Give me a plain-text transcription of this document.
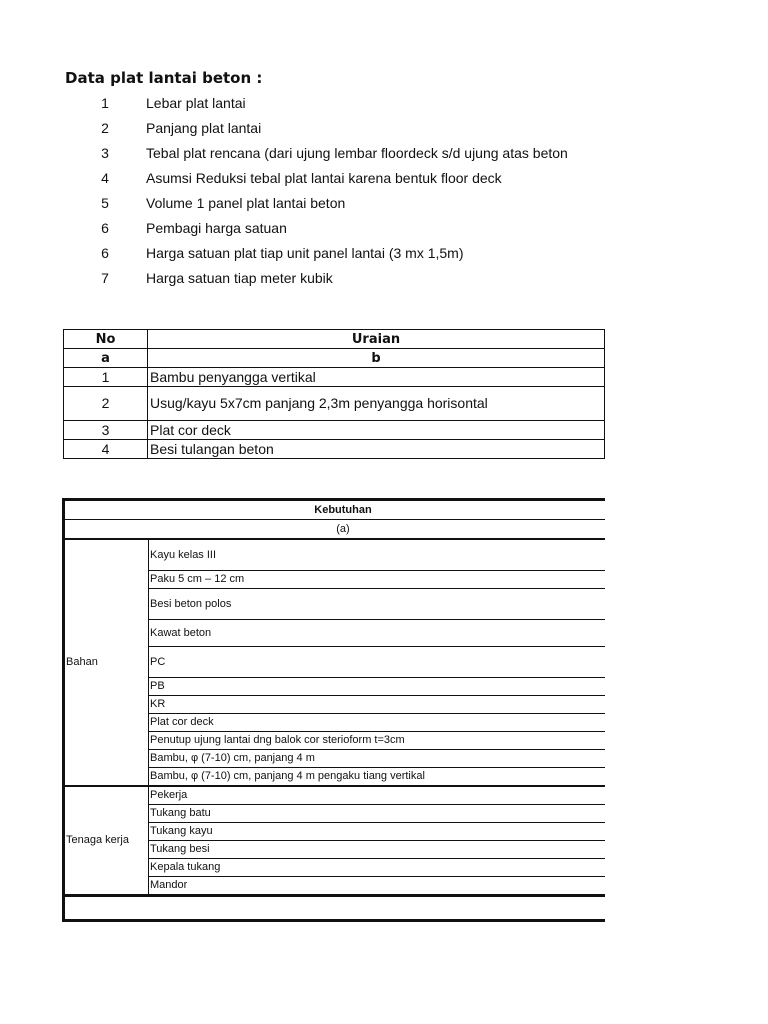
Data plat lantai beton :
1	Lebar plat lantai
2	Panjang plat lantai
3	Tebal plat rencana (dari ujung lembar floordeck s/d ujung atas beton
4	Asumsi Reduksi tebal plat lantai karena bentuk floor deck
5	Volume 1 panel plat lantai beton
6	Pembagi harga satuan
6	Harga satuan plat tiap unit panel lantai (3 mx 1,5m)
7	Harga satuan tiap meter kubik
No	Uraian
a	b
1	Bambu penyangga vertikal
2	Usug/kayu 5x7cm panjang 2,3m penyangga horisontal
3	Plat cor deck
4	Besi tulangan beton
Kebutuhan	
(a)	
Bahan	Kayu kelas III
	Paku 5 cm – 12 cm
	Besi beton polos
	Kawat beton
	PC
	PB
	KR
	Plat cor deck
	Penutup ujung lantai dng balok cor sterioform t=3cm
	Bambu, φ (7-10) cm, panjang 4 m
	Bambu, φ (7-10) cm, panjang 4 m pengaku tiang vertikal
Tenaga kerja	Pekerja
	Tukang batu
	Tukang kayu
	Tukang besi
	Kepala tukang
	Mandor
